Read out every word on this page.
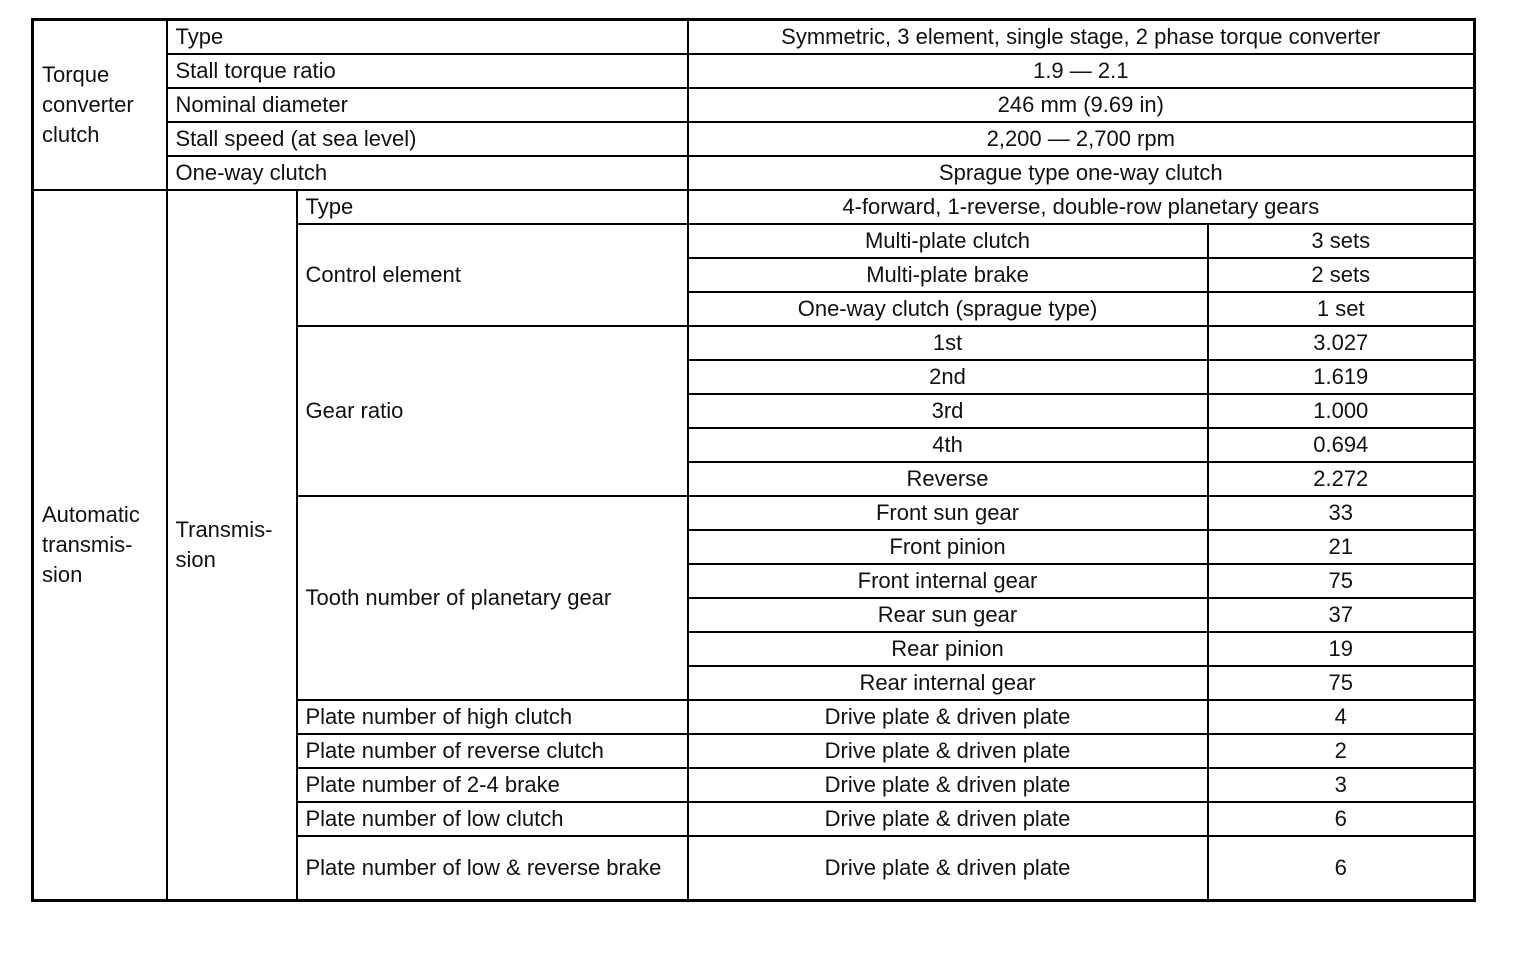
Torque converter clutch	Type		Symmetric, 3 element, single stage, 2 phase torque converter	
	Stall torque ratio		1.9 — 2.1	
	Nominal diameter		246 mm (9.69 in)	
	Stall speed (at sea level)		2,200 — 2,700 rpm	
	One-way clutch		Sprague type one-way clutch	
Automatic transmis-sion	Transmis-sion	Type	4-forward, 1-reverse, double-row planetary gears	
		Control element	Multi-plate clutch	3 sets
			Multi-plate brake	2 sets
			One-way clutch (sprague type)	1 set
		Gear ratio	1st	3.027
			2nd	1.619
			3rd	1.000
			4th	0.694
			Reverse	2.272
		Tooth number of planetary gear	Front sun gear	33
			Front pinion	21
			Front internal gear	75
			Rear sun gear	37
			Rear pinion	19
			Rear internal gear	75
		Plate number of high clutch	Drive plate & driven plate	4
		Plate number of reverse clutch	Drive plate & driven plate	2
		Plate number of 2-4 brake	Drive plate & driven plate	3
		Plate number of low clutch	Drive plate & driven plate	6
		Plate number of low & reverse brake	Drive plate & driven plate	6
